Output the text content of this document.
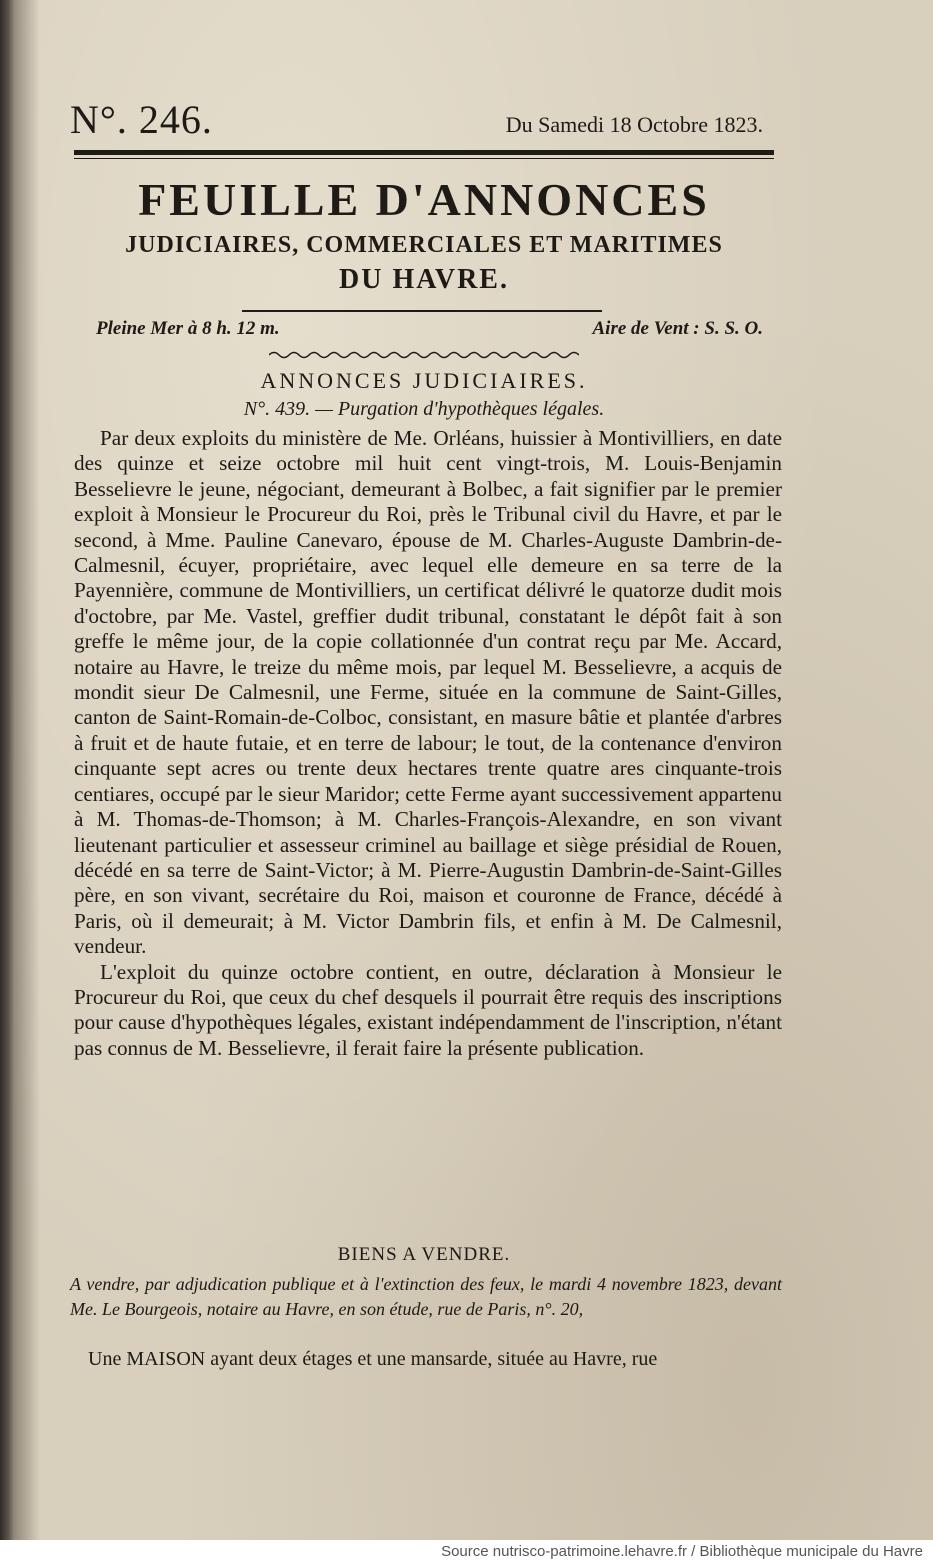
N°. 246.	Du Samedi 18 Octobre 1823.
FEUILLE D'ANNONCES
JUDICIAIRES, COMMERCIALES ET MARITIMES
DU HAVRE.
Pleine Mer à 8 h. 12 m.	Aire de Vent : S. S. O.
ANNONCES JUDICIAIRES.
N°. 439. — Purgation d'hypothèques légales.

Par deux exploits du ministère de Me. Orléans, huissier à Montivilliers, en date des quinze et seize octobre mil huit cent vingt-trois, M. Louis-Benjamin Besselievre le jeune, négociant, demeurant à Bolbec, a fait signifier par le premier exploit à Monsieur le Procureur du Roi, près le Tribunal civil du Havre, et par le second, à Mme. Pauline Canevaro, épouse de M. Charles-Auguste Dambrin-de-Calmesnil, écuyer, propriétaire, avec lequel elle demeure en sa terre de la Payennière, commune de Montivilliers, un certificat délivré le quatorze dudit mois d'octobre, par Me. Vastel, greffier dudit tribunal, constatant le dépôt fait à son greffe le même jour, de la copie collationnée d'un contrat reçu par Me. Accard, notaire au Havre, le treize du même mois, par lequel M. Besselievre, a acquis de mondit sieur De Calmesnil, une Ferme, située en la commune de Saint-Gilles, canton de Saint-Romain-de-Colboc, consistant, en masure bâtie et plantée d'arbres à fruit et de haute futaie, et en terre de labour; le tout, de la contenance d'environ cinquante sept acres ou trente deux hectares trente quatre ares cinquante-trois centiares, occupé par le sieur Maridor; cette Ferme ayant successivement appartenu à M. Thomas-de-Thomson; à M. Charles-François-Alexandre, en son vivant lieutenant particulier et assesseur criminel au baillage et siège présidial de Rouen, décédé en sa terre de Saint-Victor; à M. Pierre-Augustin Dambrin-de-Saint-Gilles père, en son vivant, secrétaire du Roi, maison et couronne de France, décédé à Paris, où il demeurait; à M. Victor Dambrin fils, et enfin à M. De Calmesnil, vendeur.

L'exploit du quinze octobre contient, en outre, déclaration à Monsieur le Procureur du Roi, que ceux du chef desquels il pourrait être requis des inscriptions pour cause d'hypothèques légales, existant indépendamment de l'inscription, n'étant pas connus de M. Besselievre, il ferait faire la présente publication.

BIENS A VENDRE.
A vendre, par adjudication publique et à l'extinction des feux, le mardi 4 novembre 1823, devant Me. Le Bourgeois, notaire au Havre, en son étude, rue de Paris, n°. 20,
Une MAISON ayant deux étages et une mansarde, située au Havre, rue
Source nutrisco-patrimoine.lehavre.fr / Bibliothèque municipale du Havre
